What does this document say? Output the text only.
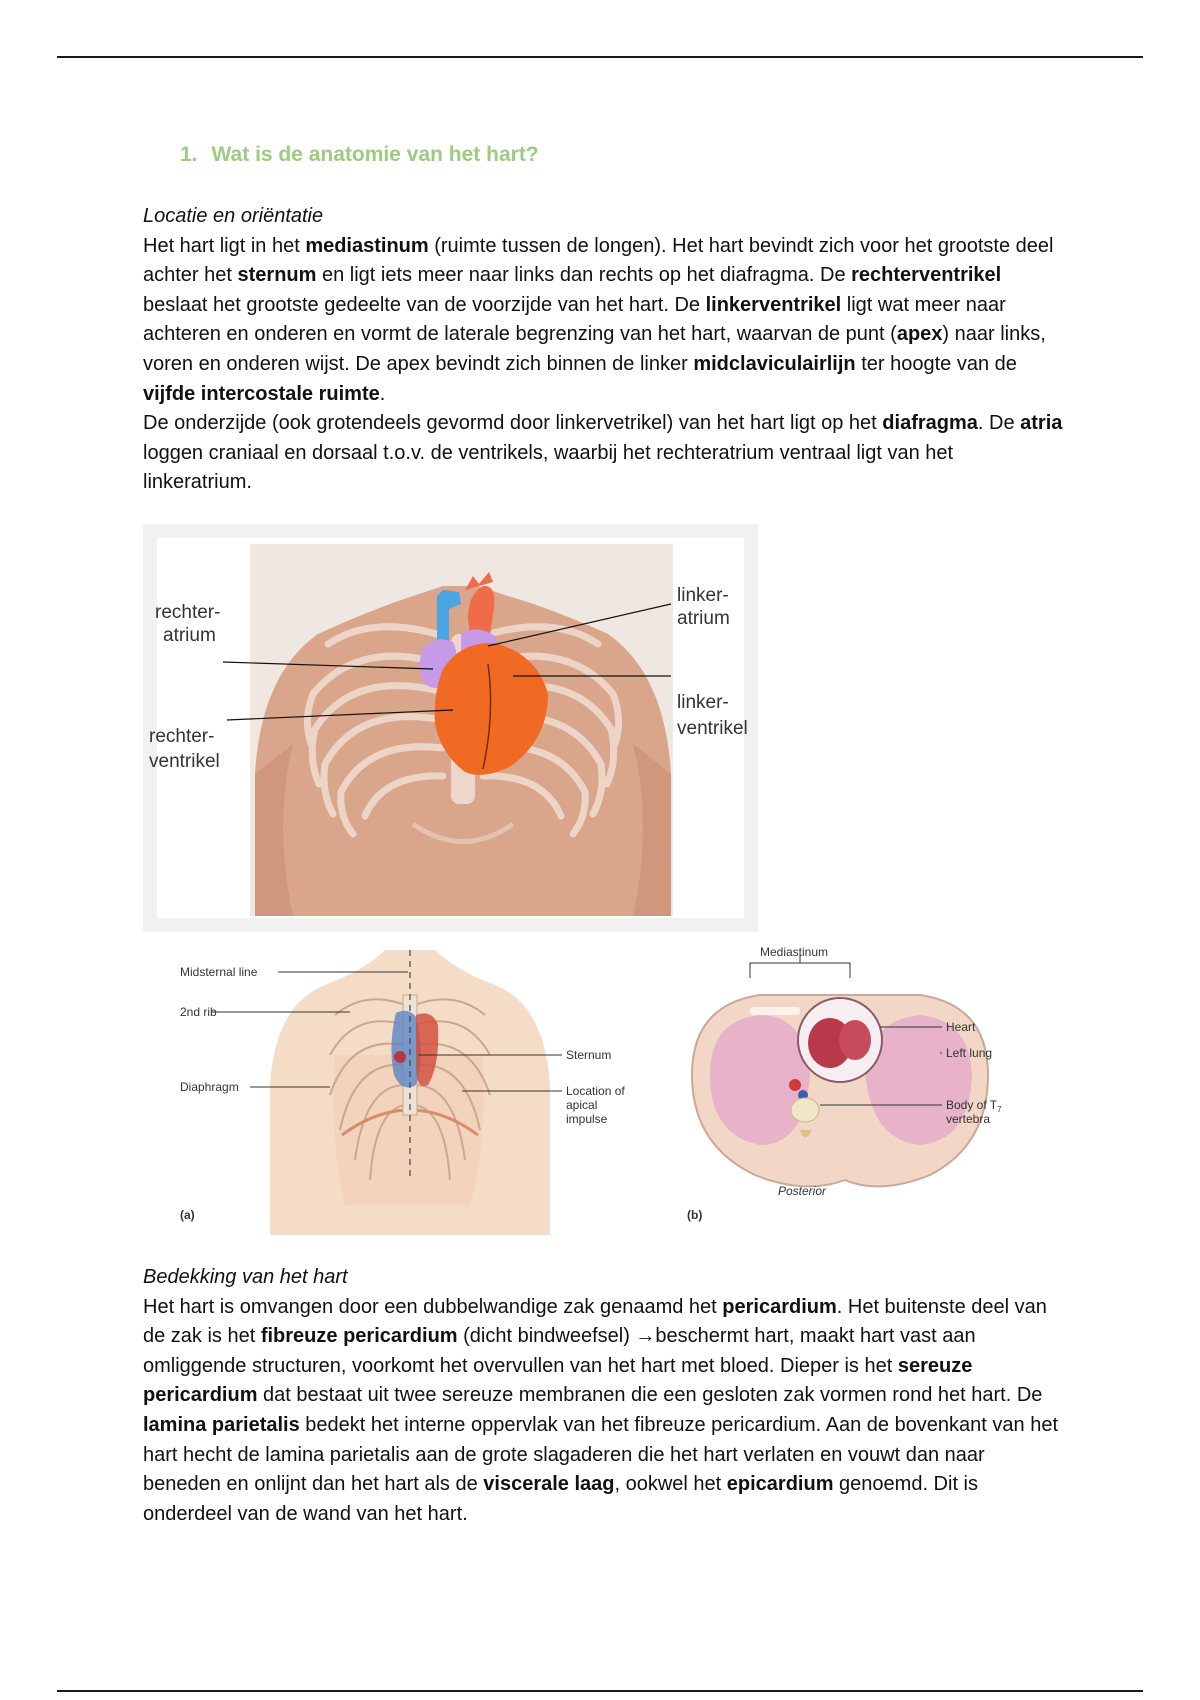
1. Wat is de anatomie van het hart?

Locatie en oriëntatie

Het hart ligt in het mediastinum (ruimte tussen de longen). Het hart bevindt zich voor het grootste deel achter het sternum en ligt iets meer naar links dan rechts op het diafragma. De rechterventrikel beslaat het grootste gedeelte van de voorzijde van het hart. De linkerventrikel ligt wat meer naar achteren en onderen en vormt de laterale begrenzing van het hart, waarvan de punt (apex) naar links, voren en onderen wijst. De apex bevindt zich binnen de linker midclaviculairlijn ter hoogte van de vijfde intercostale ruimte.

De onderzijde (ook grotendeels gevormd door linkervetrikel) van het hart ligt op het diafragma. De atria loggen craniaal en dorsaal t.o.v. de ventrikels, waarbij het rechteratrium ventraal ligt van het linkeratrium.

rechter-
atrium
rechter-
ventrikel
linker-
atrium
linker-
ventrikel
Midsternal line
2nd rib
Diaphragm
Sternum
Location of
apical
impulse
(a)
Mediastinum
Heart
Left lung
Body of $T_7$
vertebra
Posterior
(b)

Bedekking van het hart

Het hart is omvangen door een dubbelwandige zak genaamd het pericardium. Het buitenste deel van de zak is het fibreuze pericardium (dicht bindweefsel) →beschermt hart, maakt hart vast aan omliggende structuren, voorkomt het overvullen van het hart met bloed. Dieper is het sereuze pericardium dat bestaat uit twee sereuze membranen die een gesloten zak vormen rond het hart. De lamina parietalis bedekt het interne oppervlak van het fibreuze pericardium. Aan de bovenkant van het hart hecht de lamina parietalis aan de grote slagaderen die het hart verlaten en vouwt dan naar beneden en onlijnt dan het hart als de viscerale laag, ookwel het epicardium genoemd. Dit is onderdeel van de wand van het hart.
